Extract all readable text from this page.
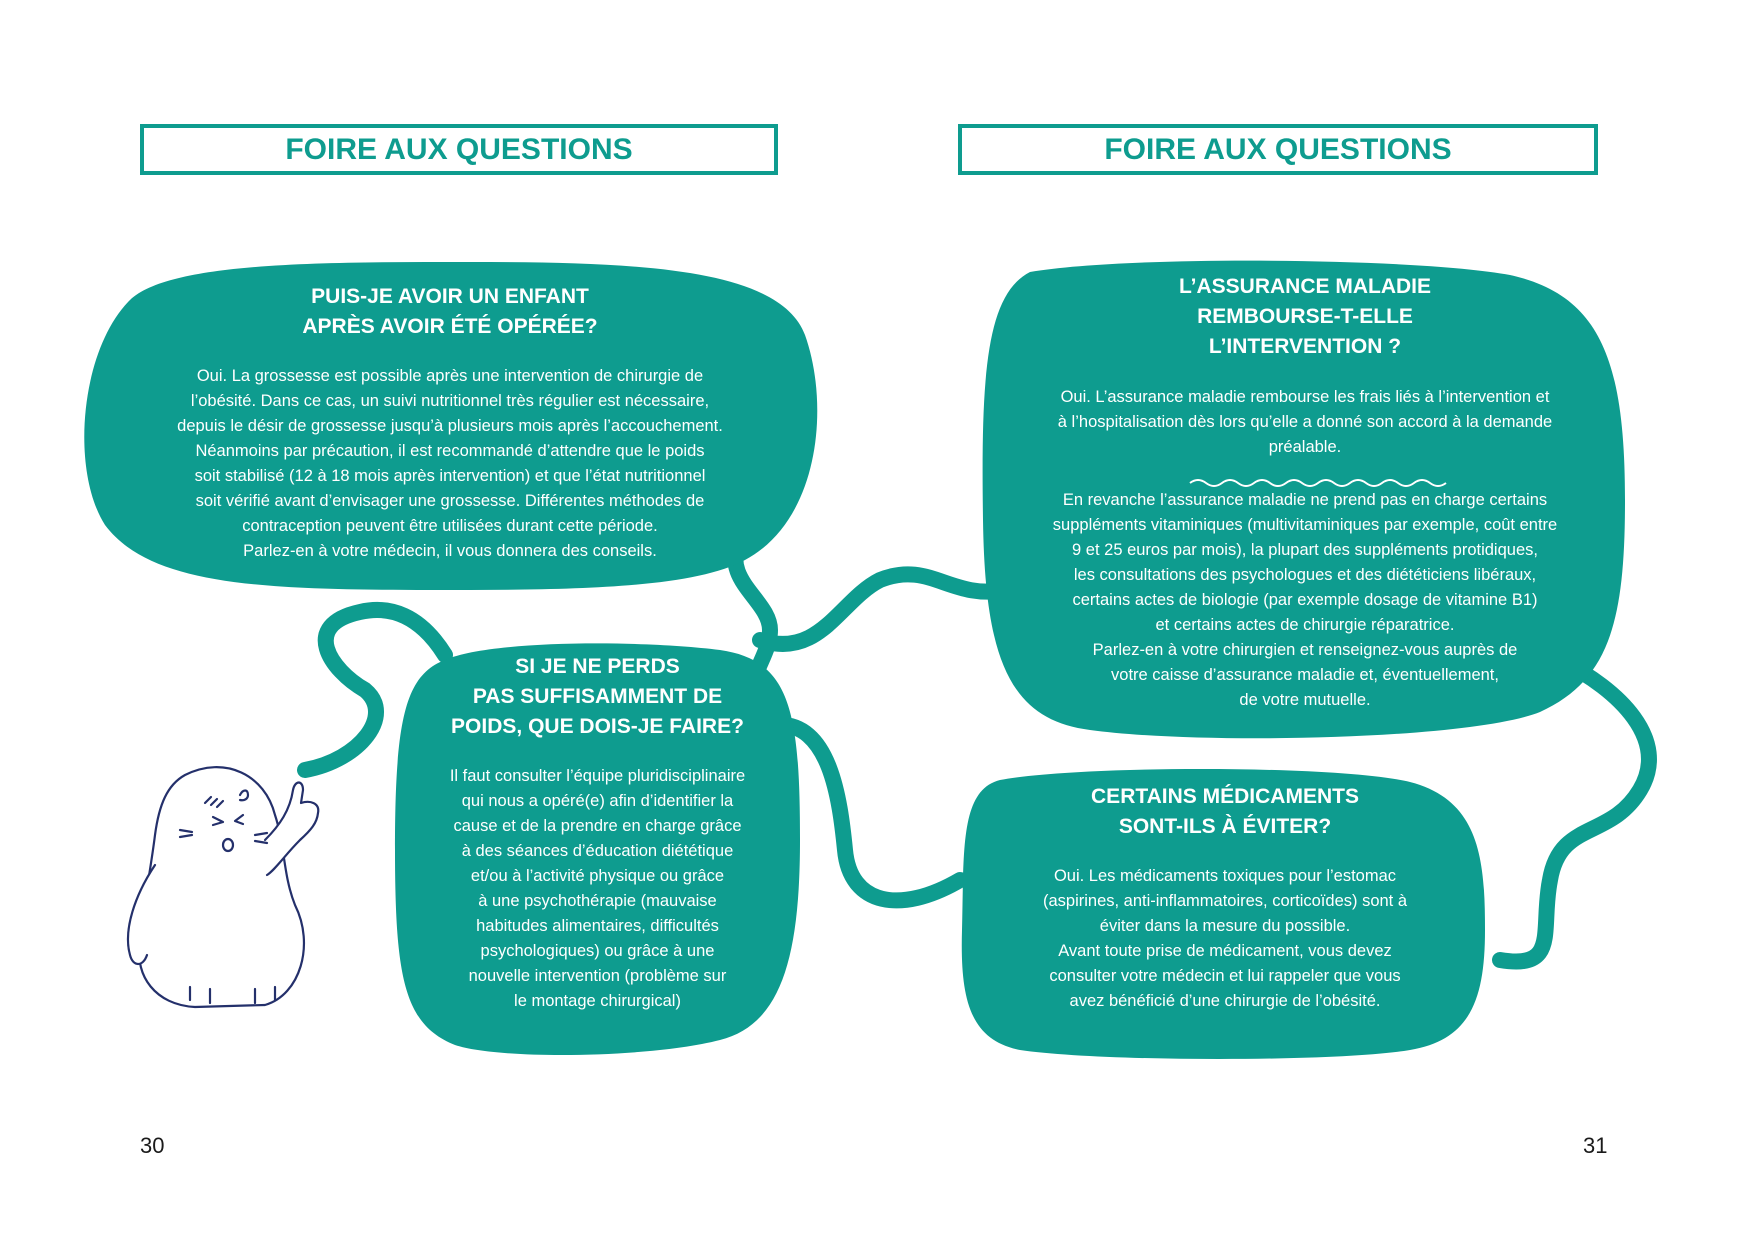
FOIRE AUX QUESTIONS	FOIRE AUX QUESTIONS
PUIS-JE AVOIR UN ENFANT
APRÈS AVOIR ÉTÉ OPÉRÉE?
Oui. La grossesse est possible après une intervention de chirurgie de
l’obésité. Dans ce cas, un suivi nutritionnel très régulier est nécessaire,
depuis le désir de grossesse jusqu’à plusieurs mois après l’accouchement.
Néanmoins par précaution, il est recommandé d’attendre que le poids
soit stabilisé (12 à 18 mois après intervention) et que l’état nutritionnel
soit vérifié avant d’envisager une grossesse. Différentes méthodes de
contraception peuvent être utilisées durant cette période.
Parlez-en à votre médecin, il vous donnera des conseils.
SI JE NE PERDS
PAS SUFFISAMMENT DE
POIDS, QUE DOIS-JE FAIRE?
Il faut consulter l’équipe pluridisciplinaire
qui nous a opéré(e) afin d’identifier la
cause et de la prendre en charge grâce
à des séances d’éducation diététique
et/ou à l’activité physique ou grâce
à une psychothérapie (mauvaise
habitudes alimentaires, difficultés
psychologiques) ou grâce à une
nouvelle intervention (problème sur
le montage chirurgical)
L’ASSURANCE MALADIE
REMBOURSE-T-ELLE
L’INTERVENTION ?
Oui. L’assurance maladie rembourse les frais liés à l’intervention et
à l’hospitalisation dès lors qu’elle a donné son accord à la demande
préalable.
En revanche l’assurance maladie ne prend pas en charge certains
suppléments vitaminiques (multivitaminiques par exemple, coût entre
9 et 25 euros par mois), la plupart des suppléments protidiques,
les consultations des psychologues et des diététiciens libéraux,
certains actes de biologie (par exemple dosage de vitamine B1)
et certains actes de chirurgie réparatrice.
Parlez-en à votre chirurgien et renseignez-vous auprès de
votre caisse d’assurance maladie et, éventuellement,
de votre mutuelle.
CERTAINS MÉDICAMENTS
SONT-ILS À ÉVITER?
Oui. Les médicaments toxiques pour l’estomac
(aspirines, anti-inflammatoires, corticoïdes) sont à
éviter dans la mesure du possible.
Avant toute prise de médicament, vous devez
consulter votre médecin et lui rappeler que vous
avez bénéficié d’une chirurgie de l’obésité.
30	31
